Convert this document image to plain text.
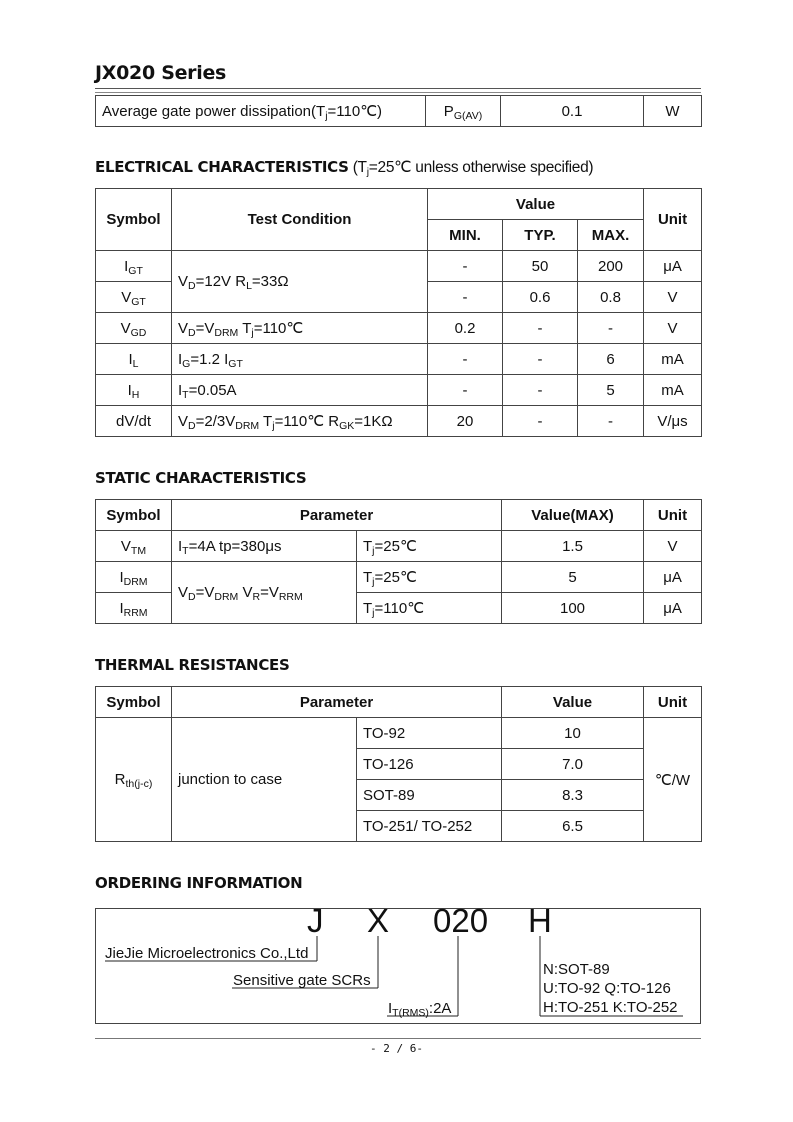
JX020 Series
Average gate power $dissipation(T_j=110℃)$	$P_{G(AV)}$	0.1	W
ELECTRICAL CHARACTERISTICS ($T_j=25℃$ unless otherwise specified)
Symbol	Test Condition	Value			Unit
		MIN.	TYP.	MAX.	
$I_{GT}$	$V_D=12V$ $R_L=33\Omega$	-	50	200	μA
$V_{GT}$		-	0.6	0.8	V
$V_{GD}$	$V_D=V_{DRM}$ $T_j=110℃$	0.2	-	-	V
$I_L$	$I_G=1.2$ $I_{GT}$	-	-	6	mA
$I_H$	$I_T=0.05A$	-	-	5	mA
dV/dt	$V_D=2/3V_{DRM}$ $T_j=110℃$ $R_{GK}=1K\Omega$	20	-	-	V/μs
STATIC CHARACTERISTICS
Symbol	Parameter		Value(MAX)	Unit
$V_{TM}$	$I_T=4A$ tp=380μs	$T_j=25℃$	1.5	V
$I_{DRM}$	$V_D=V_{DRM}$ $V_R=V_{RRM}$	$T_j=25℃$	5	μA
$I_{RRM}$		$T_j=110℃$	100	μA
THERMAL RESISTANCES
Symbol	Parameter		Value	Unit
$R_{th(j-c)}$	junction to case	TO-92	10	℃/W
		TO-126	7.0	
		SOT-89	8.3	
		TO-251/ TO-252	6.5	
ORDERING INFORMATION
J X 020 H
JieJie Microelectronics Co.,Ltd
Sensitive gate SCRs
$I_{T(RMS)}:2A$
N:SOT-89
U:TO-92 Q:TO-126
H:TO-251 K:TO-252
- 2 / 6-
